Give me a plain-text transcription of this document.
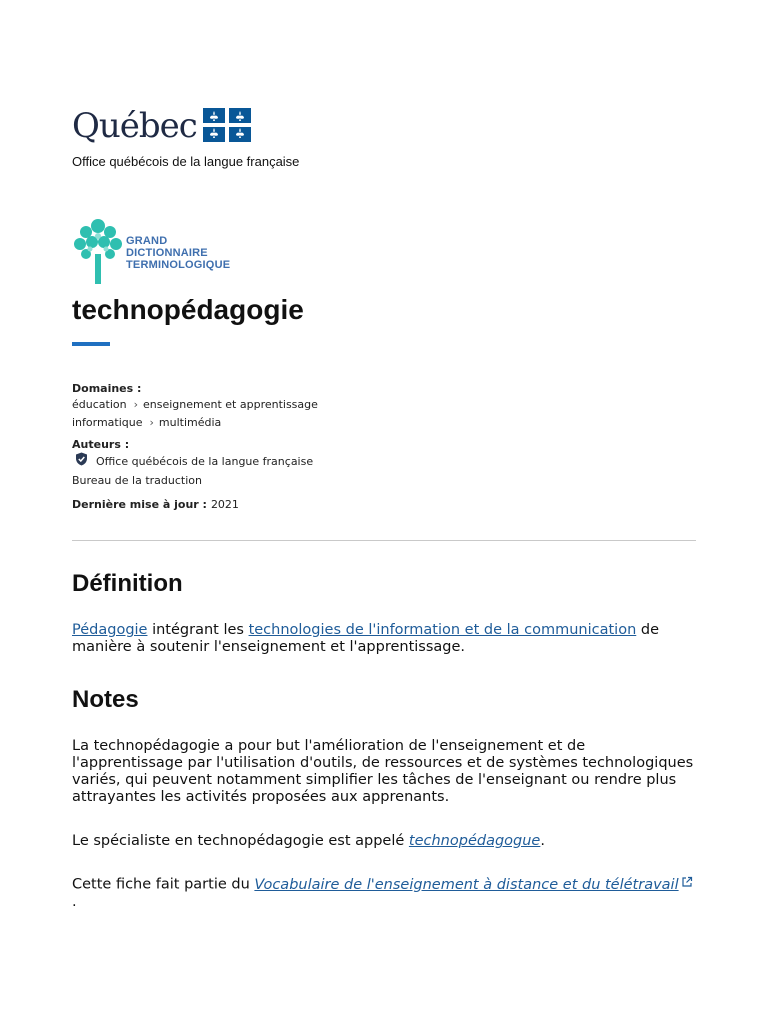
Québec
Office québécois de la langue française
GRAND
DICTIONNAIRE
TERMINOLOGIQUE
technopédagogie
Domaines :
éducation › enseignement et apprentissage
informatique › multimédia
Auteurs :
Office québécois de la langue française
Bureau de la traduction
Dernière mise à jour : 2021
Définition

Pédagogie intégrant les technologies de l'information et de la communication de manière à soutenir l'enseignement et l'apprentissage.

Notes

La technopédagogie a pour but l'amélioration de l'enseignement et de l'apprentissage par l'utilisation d'outils, de ressources et de systèmes technologiques variés, qui peuvent notamment simplifier les tâches de l'enseignant ou rendre plus attrayantes les activités proposées aux apprenants.

Le spécialiste en technopédagogie est appelé technopédagogue.

Cette fiche fait partie du Vocabulaire de l'enseignement à distance et du télétravail.
